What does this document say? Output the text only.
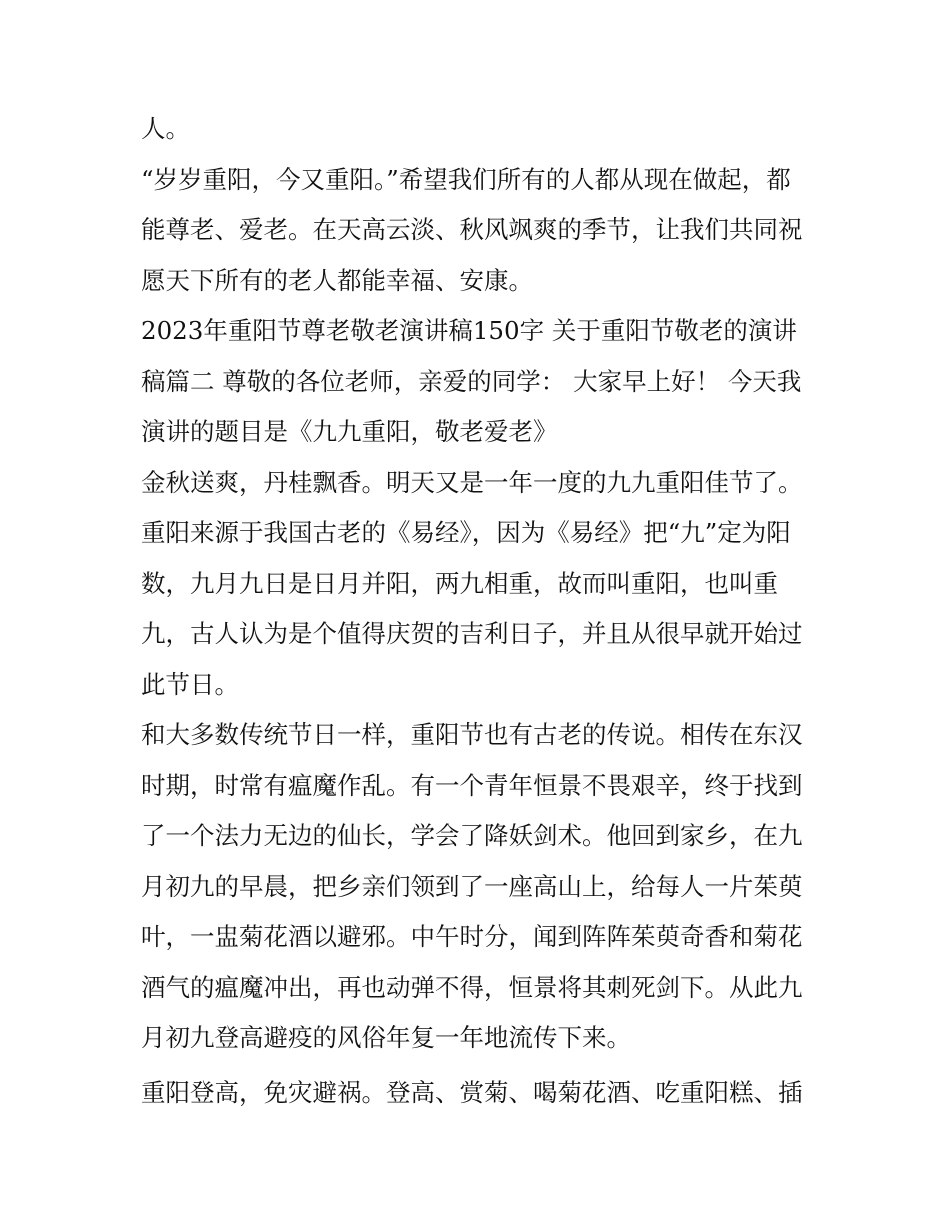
人。
“岁岁重阳，今又重阳。”希望我们所有的人都从现在做起，都
能尊老、爱老。在天高云淡、秋风飒爽的季节，让我们共同祝
愿天下所有的老人都能幸福、安康。
2023年重阳节尊老敬老演讲稿150字 关于重阳节敬老的演讲
稿篇二 尊敬的各位老师，亲爱的同学： 大家早上好！ 今天我
演讲的题目是《九九重阳，敬老爱老》
金秋送爽，丹桂飘香。明天又是一年一度的九九重阳佳节了。
重阳来源于我国古老的《易经》，因为《易经》把“九”定为阳
数，九月九日是日月并阳，两九相重，故而叫重阳，也叫重
九，古人认为是个值得庆贺的吉利日子，并且从很早就开始过
此节日。
和大多数传统节日一样，重阳节也有古老的传说。相传在东汉
时期，时常有瘟魔作乱。有一个青年恒景不畏艰辛，终于找到
了一个法力无边的仙长，学会了降妖剑术。他回到家乡，在九
月初九的早晨，把乡亲们领到了一座高山上，给每人一片茱萸
叶，一盅菊花酒以避邪。中午时分，闻到阵阵茱萸奇香和菊花
酒气的瘟魔冲出，再也动弹不得，恒景将其刺死剑下。从此九
月初九登高避疫的风俗年复一年地流传下来。
重阳登高，免灾避祸。登高、赏菊、喝菊花酒、吃重阳糕、插
